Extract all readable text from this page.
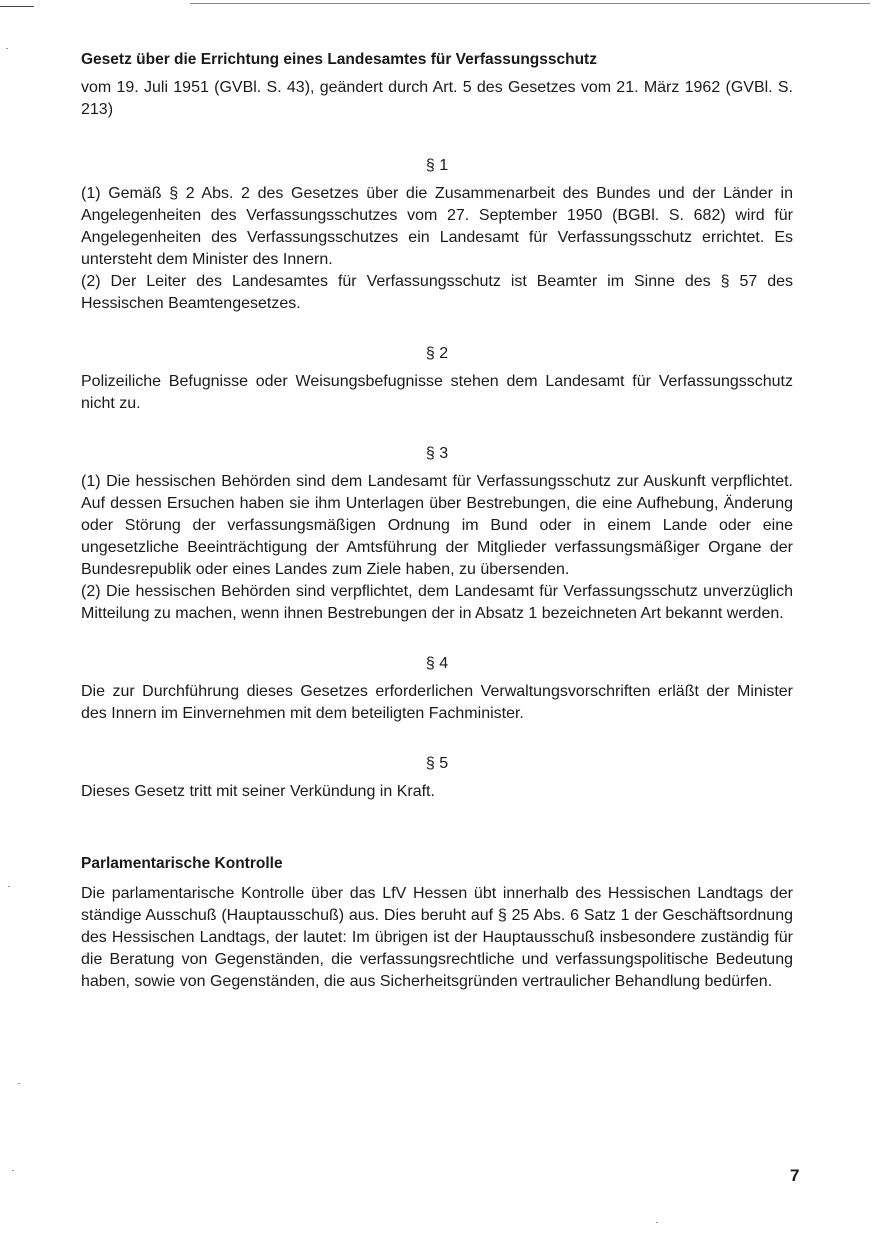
Gesetz über die Errichtung eines Landesamtes für Verfassungsschutz

vom 19. Juli 1951 (GVBl. S. 43), geändert durch Art. 5 des Gesetzes vom 21. März 1962 (GVBl. S. 213)

§ 1

(1) Gemäß § 2 Abs. 2 des Gesetzes über die Zusammenarbeit des Bundes und der Länder in Angelegenheiten des Verfassungsschutzes vom 27. September 1950 (BGBl. S. 682) wird für Angelegenheiten des Verfassungsschutzes ein Landesamt für Verfassungsschutz errichtet. Es untersteht dem Minister des Innern.

(2) Der Leiter des Landesamtes für Verfassungsschutz ist Beamter im Sinne des § 57 des Hessischen Beamtengesetzes.

§ 2

Polizeiliche Befugnisse oder Weisungsbefugnisse stehen dem Landesamt für Verfassungsschutz nicht zu.

§ 3

(1) Die hessischen Behörden sind dem Landesamt für Verfassungsschutz zur Auskunft verpflichtet. Auf dessen Ersuchen haben sie ihm Unterlagen über Bestrebungen, die eine Aufhebung, Änderung oder Störung der verfassungsmäßigen Ordnung im Bund oder in einem Lande oder eine ungesetzliche Beeinträchtigung der Amtsführung der Mitglieder verfassungsmäßiger Organe der Bundesrepublik oder eines Landes zum Ziele haben, zu übersenden.

(2) Die hessischen Behörden sind verpflichtet, dem Landesamt für Verfassungsschutz unverzüglich Mitteilung zu machen, wenn ihnen Bestrebungen der in Absatz 1 bezeichneten Art bekannt werden.

§ 4

Die zur Durchführung dieses Gesetzes erforderlichen Verwaltungsvorschriften erläßt der Minister des Innern im Einvernehmen mit dem beteiligten Fachminister.

§ 5

Dieses Gesetz tritt mit seiner Verkündung in Kraft.

Parlamentarische Kontrolle

Die parlamentarische Kontrolle über das LfV Hessen übt innerhalb des Hessischen Landtags der ständige Ausschuß (Hauptausschuß) aus. Dies beruht auf § 25 Abs. 6 Satz 1 der Geschäftsordnung des Hessischen Landtags, der lautet: Im übrigen ist der Hauptausschuß insbesondere zuständig für die Beratung von Gegenständen, die verfassungsrechtliche und verfassungspolitische Bedeutung haben, sowie von Gegenständen, die aus Sicherheitsgründen vertraulicher Behandlung bedürfen.

7
